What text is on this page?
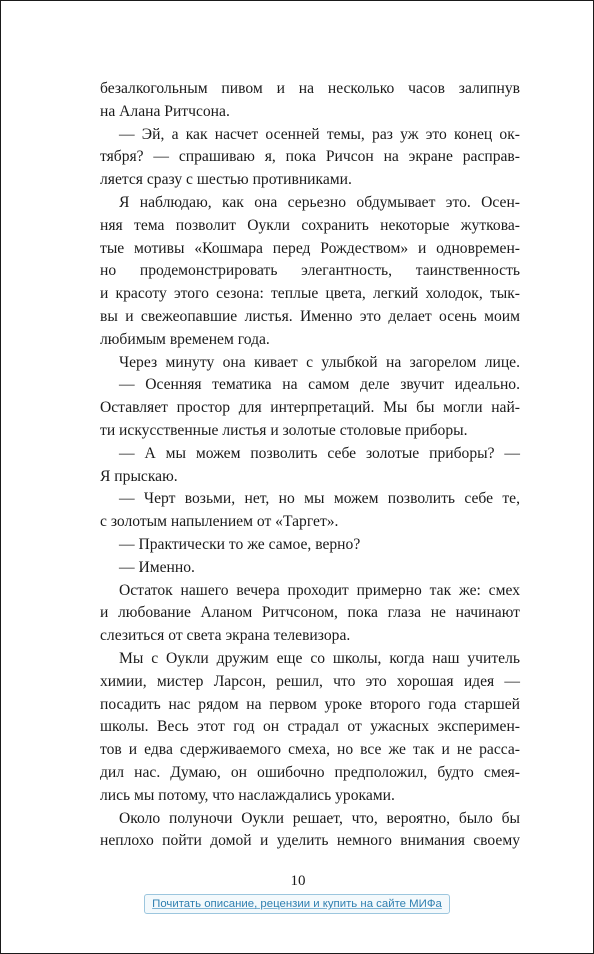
безалкогольным пивом и на несколько часов залипнув
на Алана Ритчсона.
— Эй, а как насчет осенней темы, раз уж это конец ок-
тября? — спрашиваю я, пока Ричсон на экране расправ-
ляется сразу с шестью противниками.
Я наблюдаю, как она серьезно обдумывает это. Осен-
няя тема позволит Оукли сохранить некоторые жуткова-
тые мотивы «Кошмара перед Рождеством» и одновремен-
но продемонстрировать элегантность, таинственность
и красоту этого сезона: теплые цвета, легкий холодок, тык-
вы и свежеопавшие листья. Именно это делает осень моим
любимым временем года.
Через минуту она кивает с улыбкой на загорелом лице.
— Осенняя тематика на самом деле звучит идеально.
Оставляет простор для интерпретаций. Мы бы могли най-
ти искусственные листья и золотые столовые приборы.
— А мы можем позволить себе золотые приборы? —
Я прыскаю.
— Черт возьми, нет, но мы можем позволить себе те,
с золотым напылением от «Таргет».
— Практически то же самое, верно?
— Именно.
Остаток нашего вечера проходит примерно так же: смех
и любование Аланом Ритчсоном, пока глаза не начинают
слезиться от света экрана телевизора.
Мы с Оукли дружим еще со школы, когда наш учитель
химии, мистер Ларсон, решил, что это хорошая идея —
посадить нас рядом на первом уроке второго года старшей
школы. Весь этот год он страдал от ужасных эксперимен-
тов и едва сдерживаемого смеха, но все же так и не расса-
дил нас. Думаю, он ошибочно предположил, будто смея-
лись мы потому, что наслаждались уроками.
Около полуночи Оукли решает, что, вероятно, было бы
неплохо пойти домой и уделить немного внимания своему
10
Почитать описание, рецензии и купить на сайте МИФа
